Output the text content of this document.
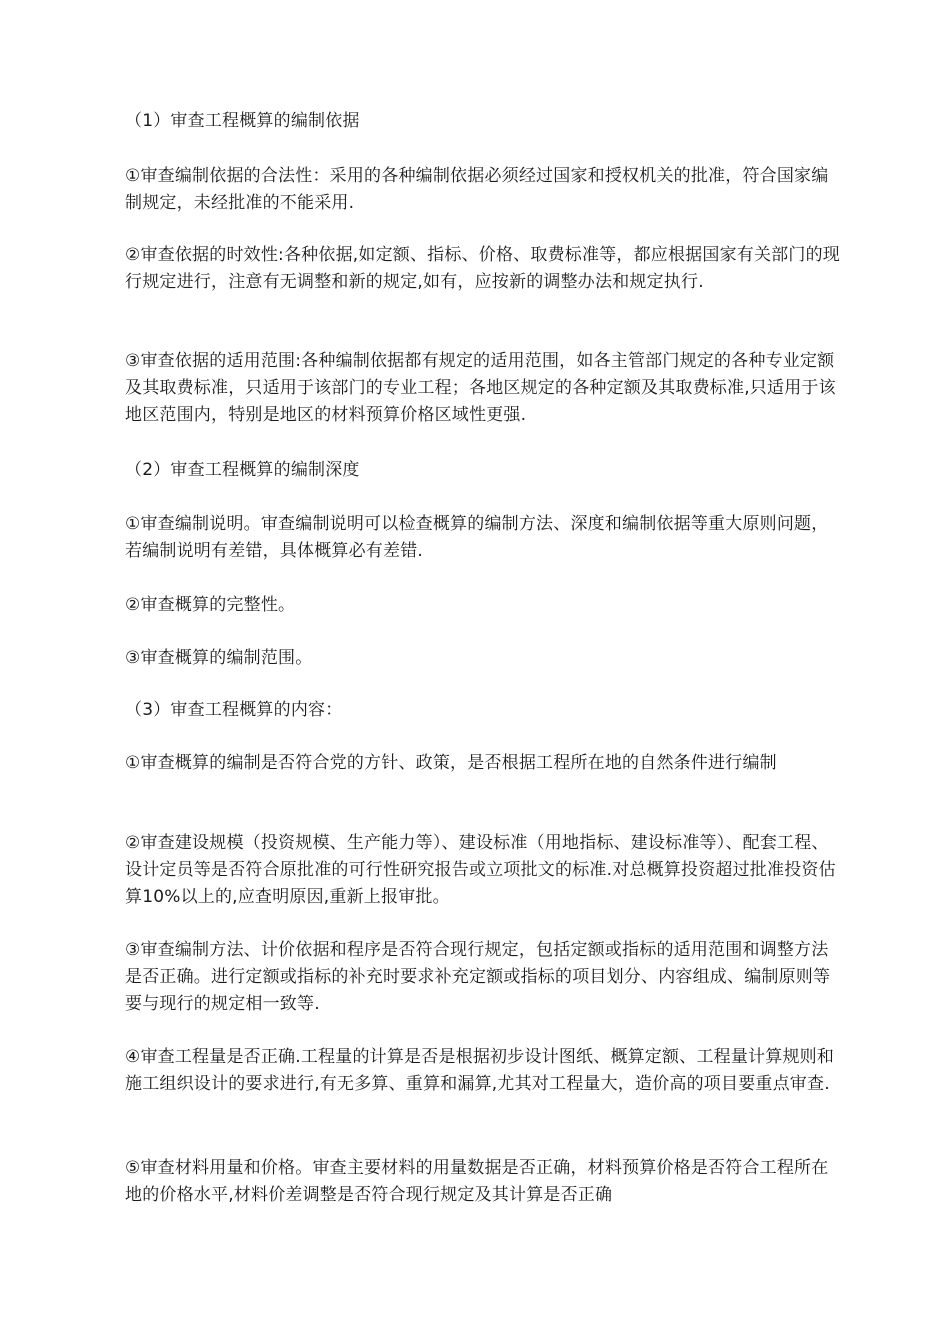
（1）审查工程概算的编制依据

①审查编制依据的合法性：采用的各种编制依据必须经过国家和授权机关的批准，符合国家编制规定，未经批准的不能采用.

②审查依据的时效性:各种依据,如定额、指标、价格、取费标准等，都应根据国家有关部门的现行规定进行，注意有无调整和新的规定,如有，应按新的调整办法和规定执行.

③审查依据的适用范围:各种编制依据都有规定的适用范围，如各主管部门规定的各种专业定额及其取费标准，只适用于该部门的专业工程；各地区规定的各种定额及其取费标准,只适用于该地区范围内，特别是地区的材料预算价格区域性更强.

（2）审查工程概算的编制深度

①审查编制说明。审查编制说明可以检查概算的编制方法、深度和编制依据等重大原则问题，若编制说明有差错，具体概算必有差错.

②审查概算的完整性。

③审查概算的编制范围。

（3）审查工程概算的内容：

①审查概算的编制是否符合党的方针、政策，是否根据工程所在地的自然条件进行编制

②审查建设规模（投资规模、生产能力等）、建设标准（用地指标、建设标准等）、配套工程、设计定员等是否符合原批准的可行性研究报告或立项批文的标准.对总概算投资超过批准投资估算10%以上的,应查明原因,重新上报审批。

③审查编制方法、计价依据和程序是否符合现行规定，包括定额或指标的适用范围和调整方法是否正确。进行定额或指标的补充时要求补充定额或指标的项目划分、内容组成、编制原则等要与现行的规定相一致等.

④审查工程量是否正确.工程量的计算是否是根据初步设计图纸、概算定额、工程量计算规则和施工组织设计的要求进行,有无多算、重算和漏算,尤其对工程量大，造价高的项目要重点审查.

⑤审查材料用量和价格。审查主要材料的用量数据是否正确，材料预算价格是否符合工程所在地的价格水平,材料价差调整是否符合现行规定及其计算是否正确
